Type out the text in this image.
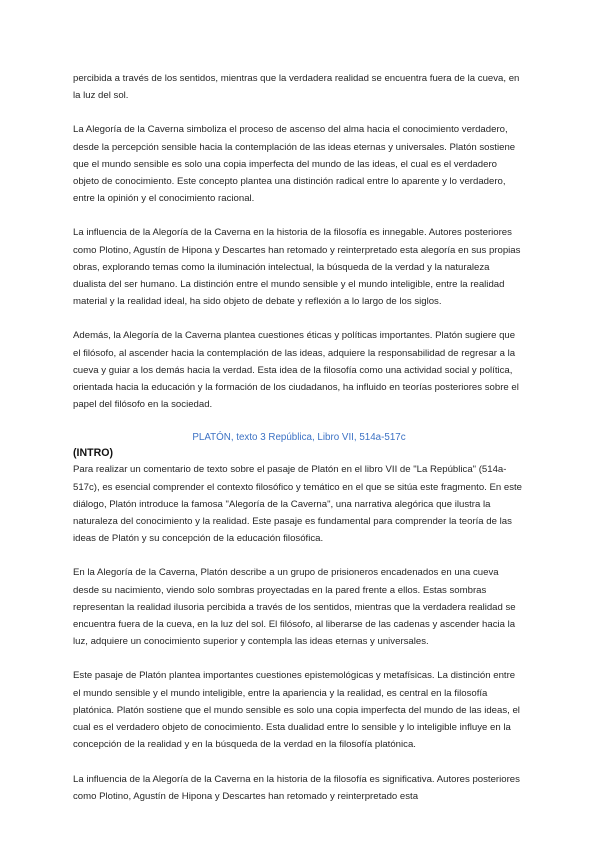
percibida a través de los sentidos, mientras que la verdadera realidad se encuentra fuera de la cueva, en la luz del sol.

La Alegoría de la Caverna simboliza el proceso de ascenso del alma hacia el conocimiento verdadero, desde la percepción sensible hacia la contemplación de las ideas eternas y universales. Platón sostiene que el mundo sensible es solo una copia imperfecta del mundo de las ideas, el cual es el verdadero objeto de conocimiento. Este concepto plantea una distinción radical entre lo aparente y lo verdadero, entre la opinión y el conocimiento racional.

La influencia de la Alegoría de la Caverna en la historia de la filosofía es innegable. Autores posteriores como Plotino, Agustín de Hipona y Descartes han retomado y reinterpretado esta alegoría en sus propias obras, explorando temas como la iluminación intelectual, la búsqueda de la verdad y la naturaleza dualista del ser humano. La distinción entre el mundo sensible y el mundo inteligible, entre la realidad material y la realidad ideal, ha sido objeto de debate y reflexión a lo largo de los siglos.

Además, la Alegoría de la Caverna plantea cuestiones éticas y políticas importantes. Platón sugiere que el filósofo, al ascender hacia la contemplación de las ideas, adquiere la responsabilidad de regresar a la cueva y guiar a los demás hacia la verdad. Esta idea de la filosofía como una actividad social y política, orientada hacia la educación y la formación de los ciudadanos, ha influido en teorías posteriores sobre el papel del filósofo en la sociedad.

PLATÓN, texto 3 República, Libro VII, 514a-517c
(INTRO)

Para realizar un comentario de texto sobre el pasaje de Platón en el libro VII de "La República" (514a-517c), es esencial comprender el contexto filosófico y temático en el que se sitúa este fragmento. En este diálogo, Platón introduce la famosa "Alegoría de la Caverna", una narrativa alegórica que ilustra la naturaleza del conocimiento y la realidad. Este pasaje es fundamental para comprender la teoría de las ideas de Platón y su concepción de la educación filosófica.

En la Alegoría de la Caverna, Platón describe a un grupo de prisioneros encadenados en una cueva desde su nacimiento, viendo solo sombras proyectadas en la pared frente a ellos. Estas sombras representan la realidad ilusoria percibida a través de los sentidos, mientras que la verdadera realidad se encuentra fuera de la cueva, en la luz del sol. El filósofo, al liberarse de las cadenas y ascender hacia la luz, adquiere un conocimiento superior y contempla las ideas eternas y universales.

Este pasaje de Platón plantea importantes cuestiones epistemológicas y metafísicas. La distinción entre el mundo sensible y el mundo inteligible, entre la apariencia y la realidad, es central en la filosofía platónica. Platón sostiene que el mundo sensible es solo una copia imperfecta del mundo de las ideas, el cual es el verdadero objeto de conocimiento. Esta dualidad entre lo sensible y lo inteligible influye en la concepción de la realidad y en la búsqueda de la verdad en la filosofía platónica.

La influencia de la Alegoría de la Caverna en la historia de la filosofía es significativa. Autores posteriores como Plotino, Agustín de Hipona y Descartes han retomado y reinterpretado esta
